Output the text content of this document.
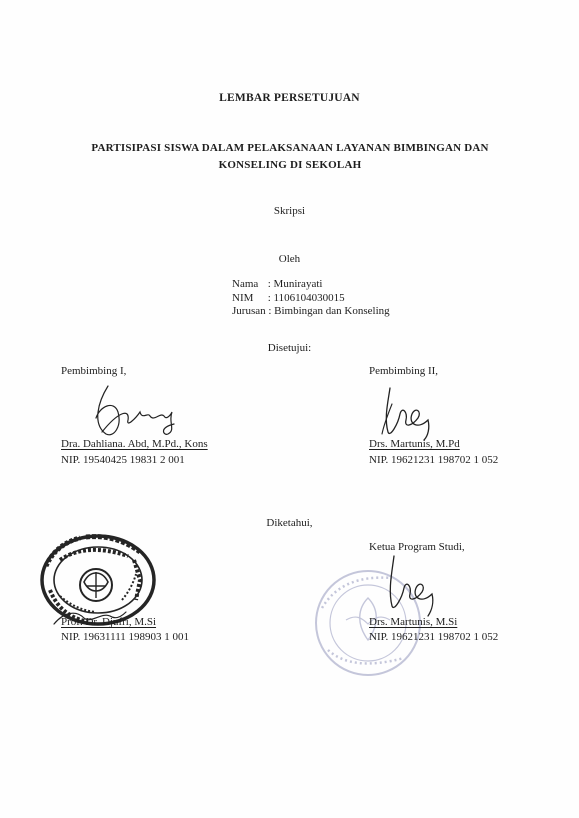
LEMBAR PERSETUJUAN
PARTISIPASI SISWA DALAM PELAKSANAAN LAYANAN BIMBINGAN DAN
KONSELING DI SEKOLAH
Skripsi
Oleh
Nama : Munirayati
NIM : 1106104030015
Jurusan : Bimbingan dan Konseling
Disetujui:
Pembimbing I,
Dra. Dahliana. Abd, M.Pd., Kons
NIP. 19540425 19831 2 001
Pembimbing II,
Drs. Martunis, M.Pd
NIP. 19621231 198702 1 052
Diketahui,
Prof. Dr. Djufri, M.Si
NIP. 19631111 198903 1 001
Ketua Program Studi,
Drs. Martunis, M.Si
NIP. 19621231 198702 1 052
